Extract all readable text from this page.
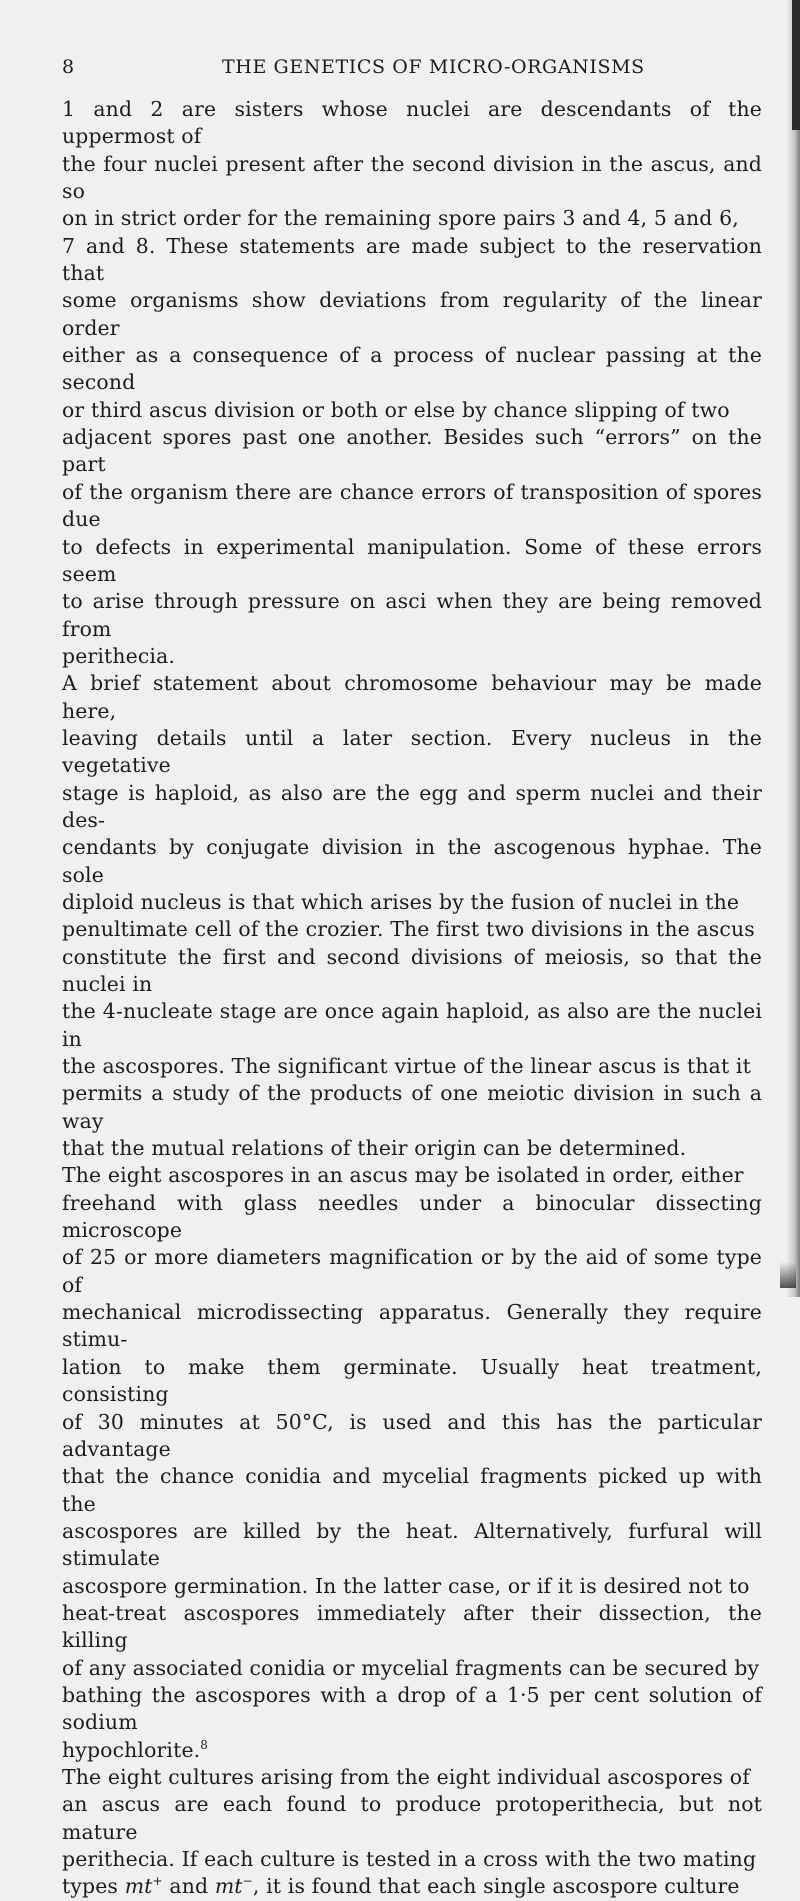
8	THE GENETICS OF MICRO-ORGANISMS
1 and 2 are sisters whose nuclei are descendants of the uppermost of
the four nuclei present after the second division in the ascus, and so
on in strict order for the remaining spore pairs 3 and 4, 5 and 6,
7 and 8. These statements are made subject to the reservation that
some organisms show deviations from regularity of the linear order
either as a consequence of a process of nuclear passing at the second
or third ascus division or both or else by chance slipping of two
adjacent spores past one another. Besides such “errors” on the part
of the organism there are chance errors of transposition of spores due
to defects in experimental manipulation. Some of these errors seem
to arise through pressure on asci when they are being removed from
perithecia.
A brief statement about chromosome behaviour may be made here,
leaving details until a later section. Every nucleus in the vegetative
stage is haploid, as also are the egg and sperm nuclei and their des-
cendants by conjugate division in the ascogenous hyphae. The sole
diploid nucleus is that which arises by the fusion of nuclei in the
penultimate cell of the crozier. The first two divisions in the ascus
constitute the first and second divisions of meiosis, so that the nuclei in
the 4-nucleate stage are once again haploid, as also are the nuclei in
the ascospores. The significant virtue of the linear ascus is that it
permits a study of the products of one meiotic division in such a way
that the mutual relations of their origin can be determined.
The eight ascospores in an ascus may be isolated in order, either
freehand with glass needles under a binocular dissecting microscope
of 25 or more diameters magnification or by the aid of some type of
mechanical microdissecting apparatus. Generally they require stimu-
lation to make them germinate. Usually heat treatment, consisting
of 30 minutes at 50°C, is used and this has the particular advantage
that the chance conidia and mycelial fragments picked up with the
ascospores are killed by the heat. Alternatively, furfural will stimulate
ascospore germination. In the latter case, or if it is desired not to
heat-treat ascospores immediately after their dissection, the killing
of any associated conidia or mycelial fragments can be secured by
bathing the ascospores with a drop of a 1·5 per cent solution of sodium
hypochlorite.$^8$
The eight cultures arising from the eight individual ascospores of
an ascus are each found to produce protoperithecia, but not mature
perithecia. If each culture is tested in a cross with the two mating
types mt+ and mt−, it is found that each single ascospore culture
